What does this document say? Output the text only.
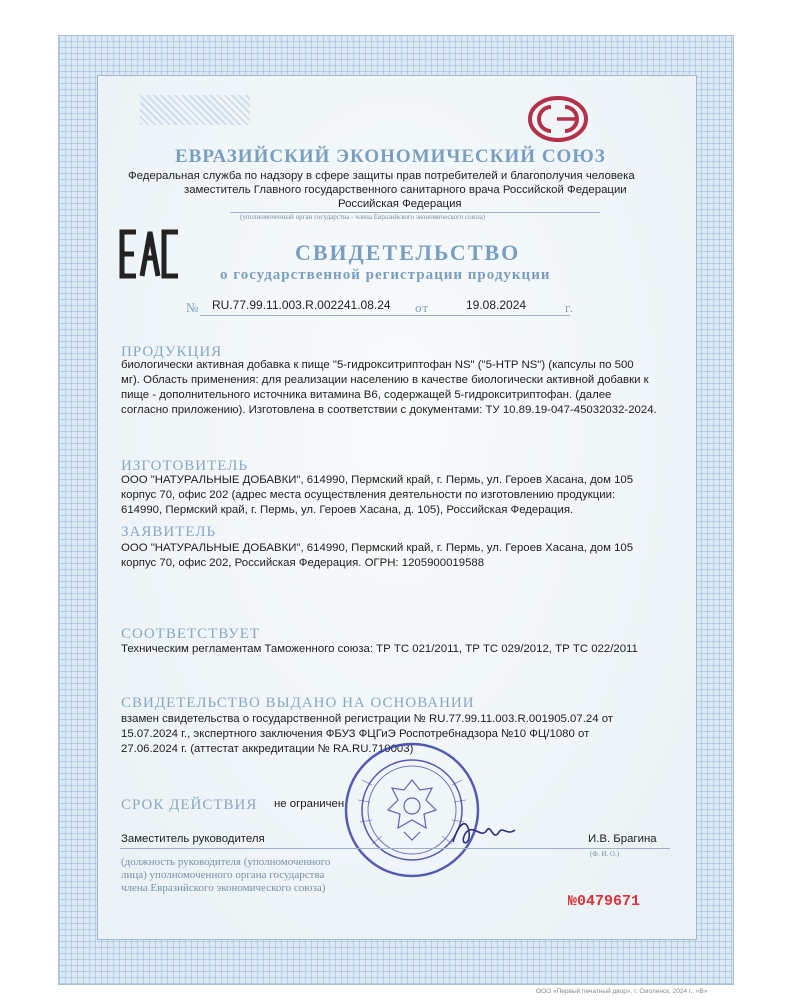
ЕВРАЗИЙСКИЙ ЭКОНОМИЧЕСКИЙ СОЮЗ
Федеральная служба по надзору в сфере защиты прав потребителей и благополучия человека
заместитель Главного государственного санитарного врача Российской Федерации
Российская Федерация
(уполномоченный орган государства - члена Евразийского экономического союза)
СВИДЕТЕЛЬСТВО
о государственной регистрации продукции
№ RU.77.99.11.003.R.002241.08.24 от	19.08.2024	г.
ПРОДУКЦИЯ
биологически активная добавка к пище "5-гидрокситриптофан NS" ("5-HTP NS") (капсулы по 500
мг). Область применения: для реализации населению в качестве биологически активной добавки к
пище - дополнительного источника витамина В6, содержащей 5-гидрокситриптофан. (далее
согласно приложению). Изготовлена в соответствии с документами: ТУ 10.89.19-047-45032032-2024.
ИЗГОТОВИТЕЛЬ
ООО "НАТУРАЛЬНЫЕ ДОБАВКИ", 614990, Пермский край, г. Пермь, ул. Героев Хасана, дом 105
корпус 70, офис 202 (адрес места осуществления деятельности по изготовлению продукции:
614990, Пермский край, г. Пермь, ул. Героев Хасана, д. 105), Российская Федерация.
ЗАЯВИТЕЛЬ
ООО "НАТУРАЛЬНЫЕ ДОБАВКИ", 614990, Пермский край, г. Пермь, ул. Героев Хасана, дом 105
корпус 70, офис 202, Российская Федерация. ОГРН: 1205900019588
СООТВЕТСТВУЕТ
Техническим регламентам Таможенного союза: ТР ТС 021/2011, ТР ТС 029/2012, ТР ТС 022/2011
СВИДЕТЕЛЬСТВО ВЫДАНО НА ОСНОВАНИИ
взамен свидетельства о государственной регистрации № RU.77.99.11.003.R.001905.07.24 от
15.07.2024 г., экспертного заключения ФБУЗ ФЦГиЭ Роспотребнадзора №10 ФЦ/1080 от
27.06.2024 г. (аттестат аккредитации № RA.RU.710003)
СРОК ДЕЙСТВИЯ не ограничен
Заместитель руководителя	И.В. Брагина
(Ф. И. О.)
(должность руководителя (уполномоченного
лица) уполномоченного органа государства
члена Евразийского экономического союза)
№0479671
ООО «Первый печатный двор», г. Смоленск, 2024 г., «В»
